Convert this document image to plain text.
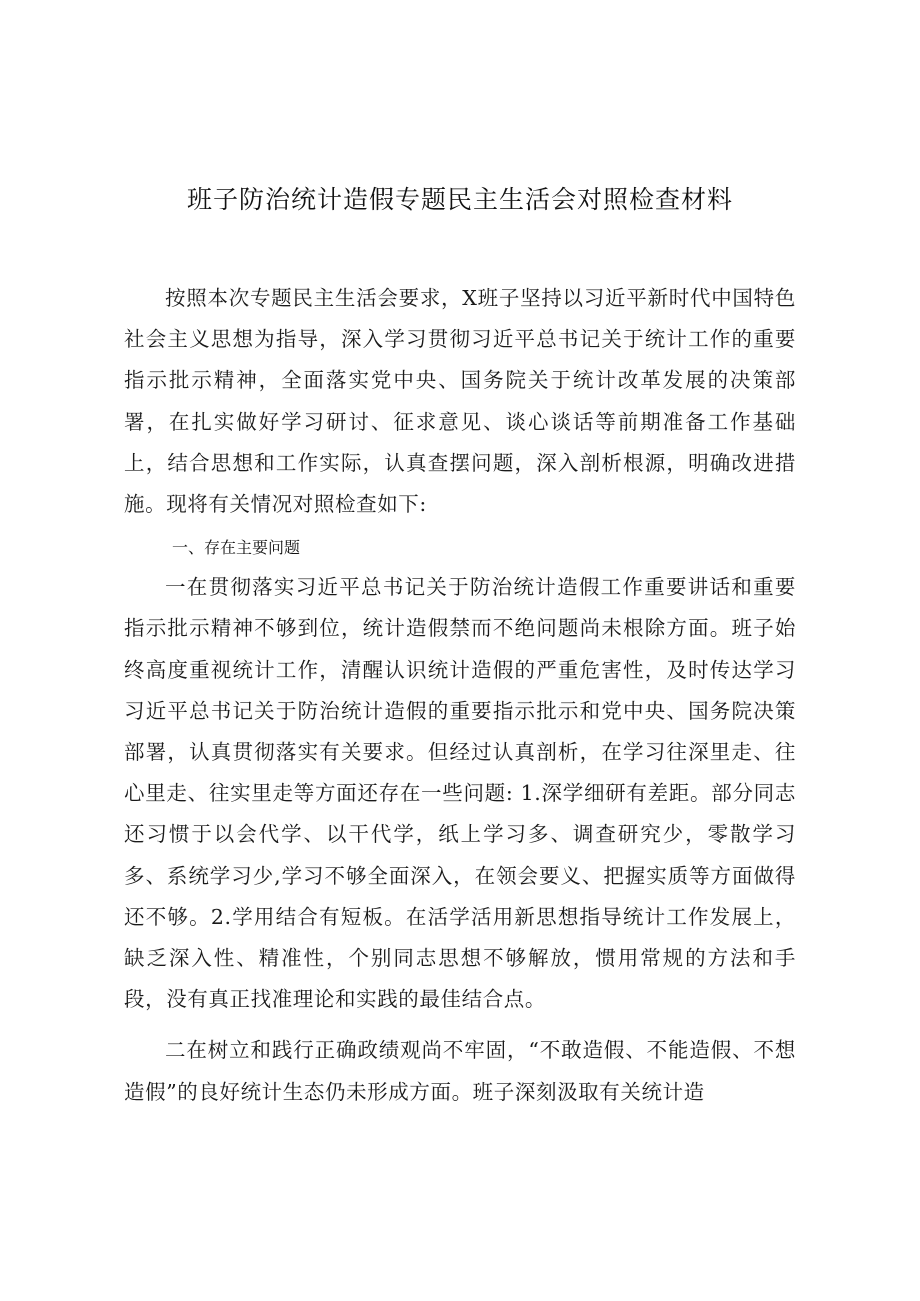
班子防治统计造假专题民主生活会对照检查材料

按照本次专题民主生活会要求，X班子坚持以习近平新时代中国特色社会主义思想为指导，深入学习贯彻习近平总书记关于统计工作的重要指示批示精神，全面落实党中央、国务院关于统计改革发展的决策部署，在扎实做好学习研讨、征求意见、谈心谈话等前期准备工作基础上，结合思想和工作实际，认真查摆问题，深入剖析根源，明确改进措施。现将有关情况对照检查如下:

一、存在主要问题

一在贯彻落实习近平总书记关于防治统计造假工作重要讲话和重要指示批示精神不够到位，统计造假禁而不绝问题尚未根除方面。班子始终高度重视统计工作，清醒认识统计造假的严重危害性，及时传达学习习近平总书记关于防治统计造假的重要指示批示和党中央、国务院决策部署，认真贯彻落实有关要求。但经过认真剖析，在学习往深里走、往心里走、往实里走等方面还存在一些问题: 1.深学细研有差距。部分同志还习惯于以会代学、以干代学，纸上学习多、调查研究少，零散学习多、系统学习少,学习不够全面深入，在领会要义、把握实质等方面做得还不够。2.学用结合有短板。在活学活用新思想指导统计工作发展上，缺乏深入性、精准性，个别同志思想不够解放，惯用常规的方法和手段，没有真正找准理论和实践的最佳结合点。

二在树立和践行正确政绩观尚不牢固，“不敢造假、不能造假、不想造假”的良好统计生态仍未形成方面。班子深刻汲取有关统计造
